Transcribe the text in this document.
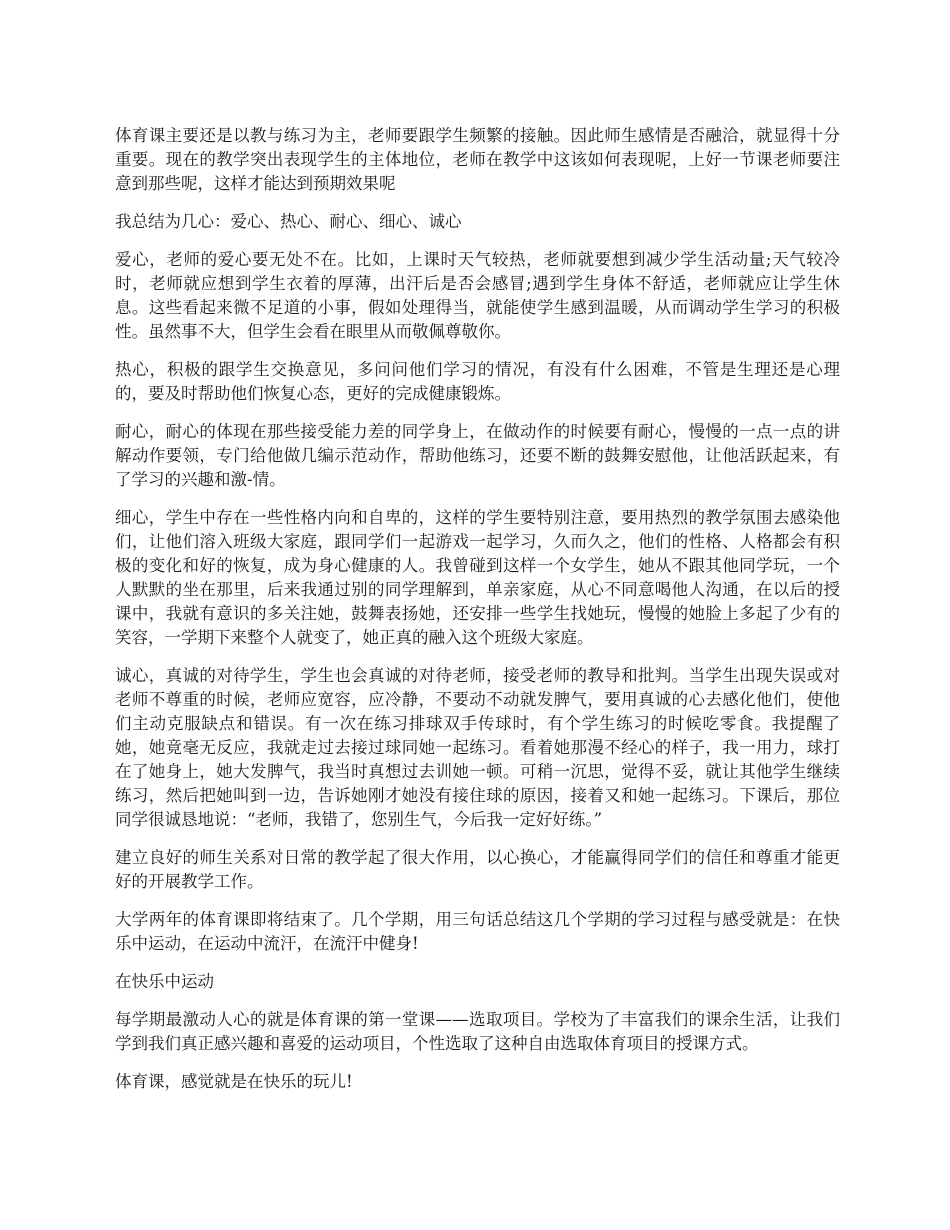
体育课主要还是以教与练习为主，老师要跟学生频繁的接触。因此师生感情是否融洽，就显得十分重要。现在的教学突出表现学生的主体地位，老师在教学中这该如何表现呢，上好一节课老师要注意到那些呢，这样才能达到预期效果呢

我总结为几心：爱心、热心、耐心、细心、诚心

爱心，老师的爱心要无处不在。比如，上课时天气较热，老师就要想到减少学生活动量;天气较冷时，老师就应想到学生衣着的厚薄，出汗后是否会感冒;遇到学生身体不舒适，老师就应让学生休息。这些看起来微不足道的小事，假如处理得当，就能使学生感到温暖，从而调动学生学习的积极性。虽然事不大，但学生会看在眼里从而敬佩尊敬你。

热心，积极的跟学生交换意见，多问问他们学习的情况，有没有什么困难，不管是生理还是心理的，要及时帮助他们恢复心态，更好的完成健康锻炼。

耐心，耐心的体现在那些接受能力差的同学身上，在做动作的时候要有耐心，慢慢的一点一点的讲解动作要领，专门给他做几编示范动作，帮助他练习，还要不断的鼓舞安慰他，让他活跃起来，有了学习的兴趣和激-情。

细心，学生中存在一些性格内向和自卑的，这样的学生要特别注意，要用热烈的教学氛围去感染他们，让他们溶入班级大家庭，跟同学们一起游戏一起学习，久而久之，他们的性格、人格都会有积极的变化和好的恢复，成为身心健康的人。我曾碰到这样一个女学生，她从不跟其他同学玩，一个人默默的坐在那里，后来我通过别的同学理解到，单亲家庭，从心不同意喝他人沟通，在以后的授课中，我就有意识的多关注她，鼓舞表扬她，还安排一些学生找她玩，慢慢的她脸上多起了少有的笑容，一学期下来整个人就变了，她正真的融入这个班级大家庭。

诚心，真诚的对待学生，学生也会真诚的对待老师，接受老师的教导和批判。当学生出现失误或对老师不尊重的时候，老师应宽容，应冷静，不要动不动就发脾气，要用真诚的心去感化他们，使他们主动克服缺点和错误。有一次在练习排球双手传球时，有个学生练习的时候吃零食。我提醒了她，她竟毫无反应，我就走过去接过球同她一起练习。看着她那漫不经心的样子，我一用力，球打在了她身上，她大发脾气，我当时真想过去训她一顿。可稍一沉思，觉得不妥，就让其他学生继续练习，然后把她叫到一边，告诉她刚才她没有接住球的原因，接着又和她一起练习。下课后，那位同学很诚恳地说：“老师，我错了，您别生气，今后我一定好好练。”

建立良好的师生关系对日常的教学起了很大作用，以心换心，才能赢得同学们的信任和尊重才能更好的开展教学工作。

大学两年的体育课即将结束了。几个学期，用三句话总结这几个学期的学习过程与感受就是：在快乐中运动，在运动中流汗，在流汗中健身!

在快乐中运动

每学期最激动人心的就是体育课的第一堂课——选取项目。学校为了丰富我们的课余生活，让我们学到我们真正感兴趣和喜爱的运动项目，个性选取了这种自由选取体育项目的授课方式。

体育课，感觉就是在快乐的玩儿!
